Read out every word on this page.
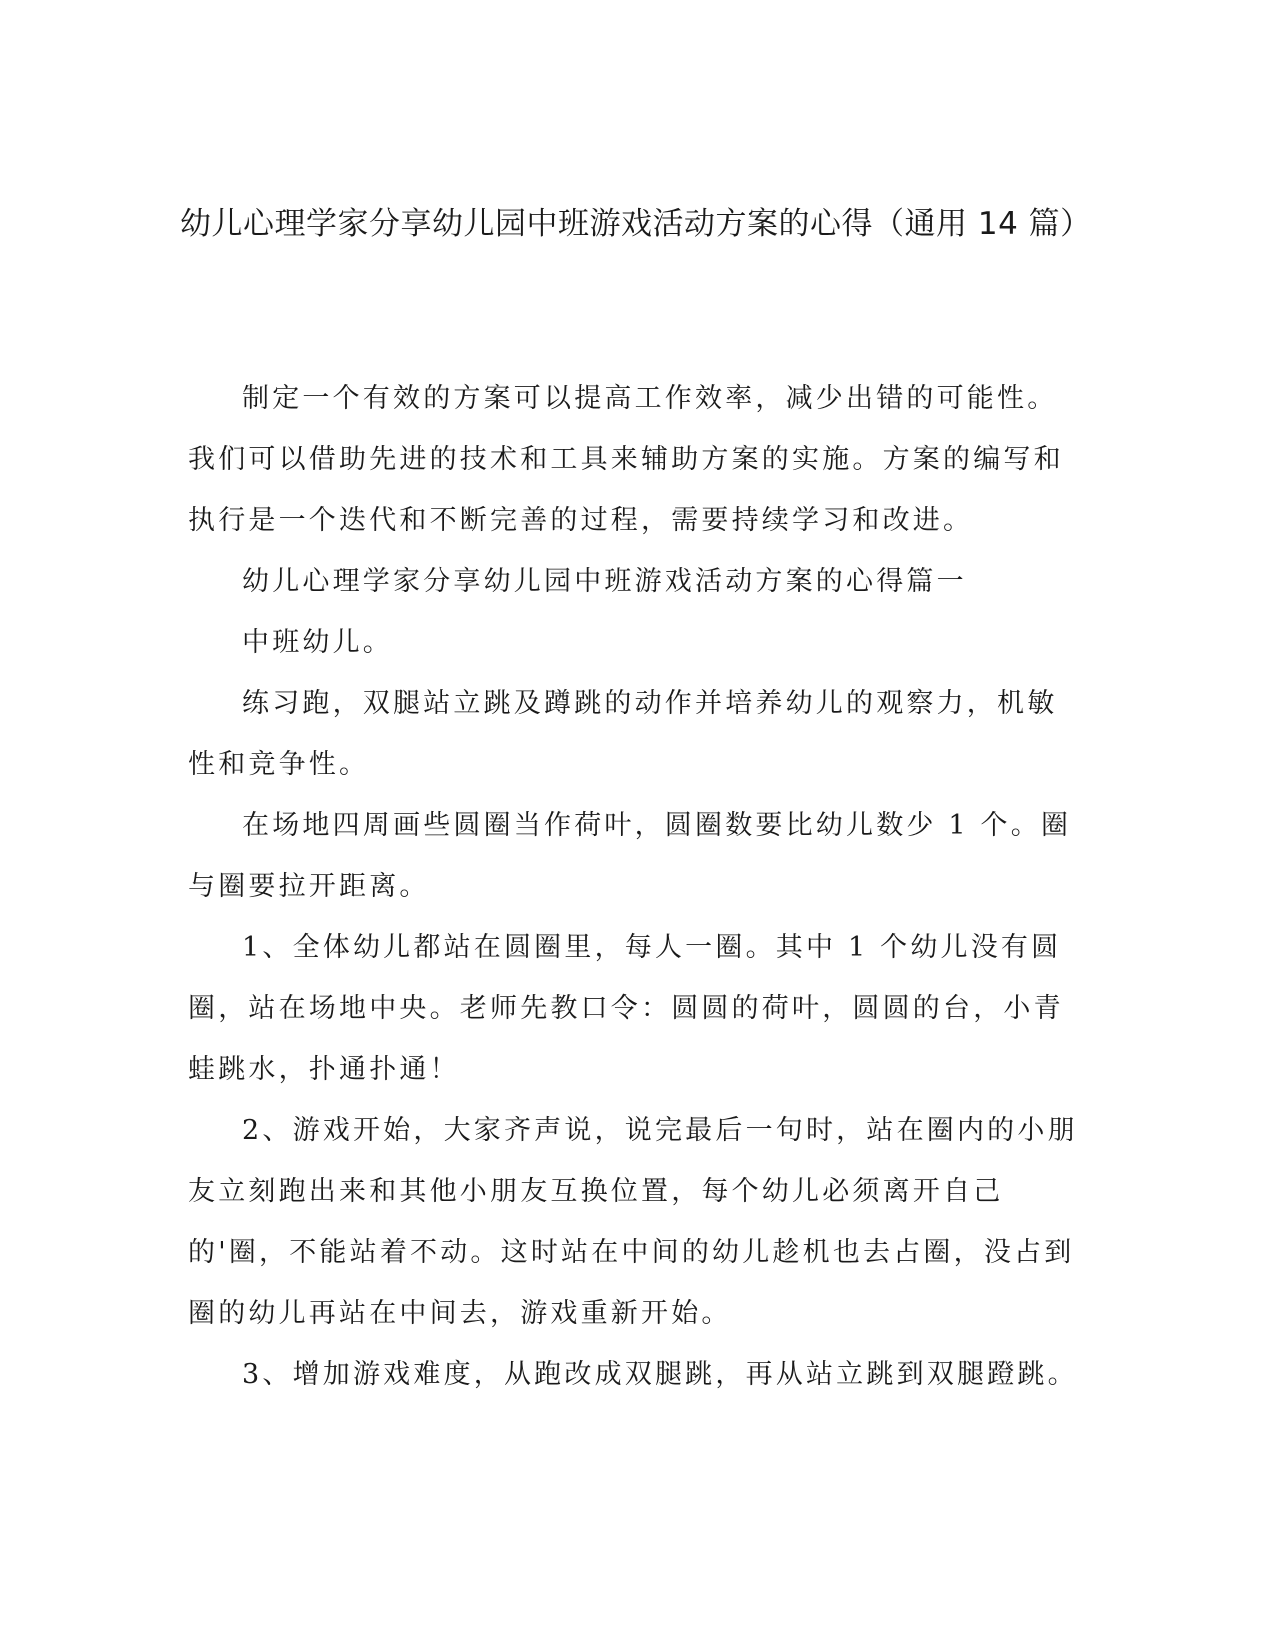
幼儿心理学家分享幼儿园中班游戏活动方案的心得（通用 14 篇）

制定一个有效的方案可以提高工作效率，减少出错的可能性。我们可以借助先进的技术和工具来辅助方案的实施。方案的编写和执行是一个迭代和不断完善的过程，需要持续学习和改进。

幼儿心理学家分享幼儿园中班游戏活动方案的心得篇一

中班幼儿。

练习跑，双腿站立跳及蹲跳的动作并培养幼儿的观察力，机敏性和竞争性。

在场地四周画些圆圈当作荷叶，圆圈数要比幼儿数少 1 个。圈与圈要拉开距离。

1、全体幼儿都站在圆圈里，每人一圈。其中 1 个幼儿没有圆圈，站在场地中央。老师先教口令：圆圆的荷叶，圆圆的台，小青蛙跳水，扑通扑通！

2、游戏开始，大家齐声说，说完最后一句时，站在圈内的小朋友立刻跑出来和其他小朋友互换位置，每个幼儿必须离开自己的'圈，不能站着不动。这时站在中间的幼儿趁机也去占圈，没占到圈的幼儿再站在中间去，游戏重新开始。

3、增加游戏难度，从跑改成双腿跳，再从站立跳到双腿蹬跳。
